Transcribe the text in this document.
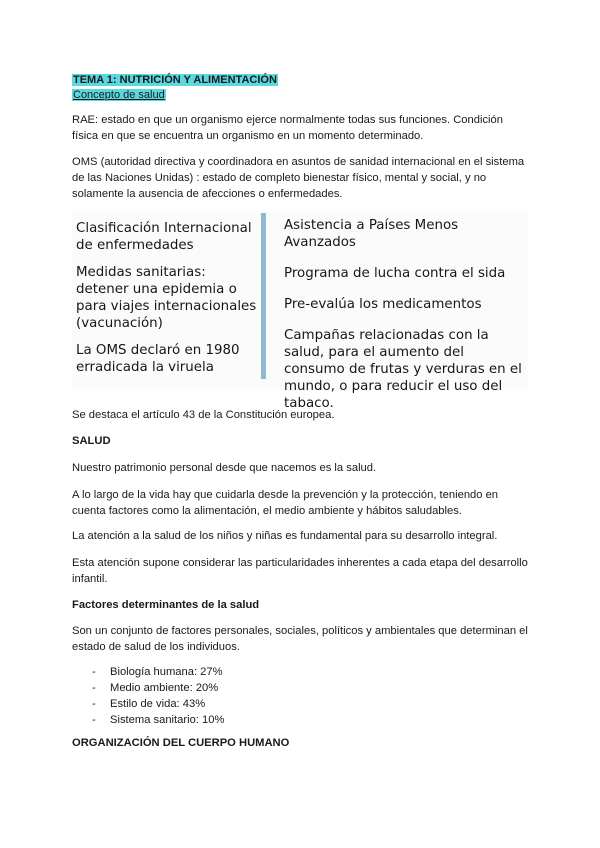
TEMA 1: NUTRICIÓN Y ALIMENTACIÓN
Concepto de salud
RAE: estado en que un organismo ejerce normalmente todas sus funciones. Condición física en que se encuentra un organismo en un momento determinado.
OMS (autoridad directiva y coordinadora en asuntos de sanidad internacional en el sistema de las Naciones Unidas) : estado de completo bienestar físico, mental y social, y no solamente la ausencia de afecciones o enfermedades.

Clasificación Internacional de enfermedades

Medidas sanitarias: detener una epidemia o para viajes internacionales (vacunación)

La OMS declaró en 1980 erradicada la viruela

Asistencia a Países Menos Avanzados

Programa de lucha contra el sida

Pre-evalúa los medicamentos

Campañas relacionadas con la salud, para el aumento del consumo de frutas y verduras en el mundo, o para reducir el uso del tabaco.

Se destaca el artículo 43 de la Constitución europea.
SALUD
Nuestro patrimonio personal desde que nacemos es la salud.
A lo largo de la vida hay que cuidarla desde la prevención y la protección, teniendo en cuenta factores como la alimentación, el medio ambiente y hábitos saludables.
La atención a la salud de los niños y niñas es fundamental para su desarrollo integral.
Esta atención supone considerar las particularidades inherentes a cada etapa del desarrollo infantil.
Factores determinantes de la salud
Son un conjunto de factores personales, sociales, políticos y ambientales que determinan el estado de salud de los individuos.
- Biología humana: 27%
- Medio ambiente: 20%
- Estilo de vida: 43%
- Sistema sanitario: 10%
ORGANIZACIÓN DEL CUERPO HUMANO
